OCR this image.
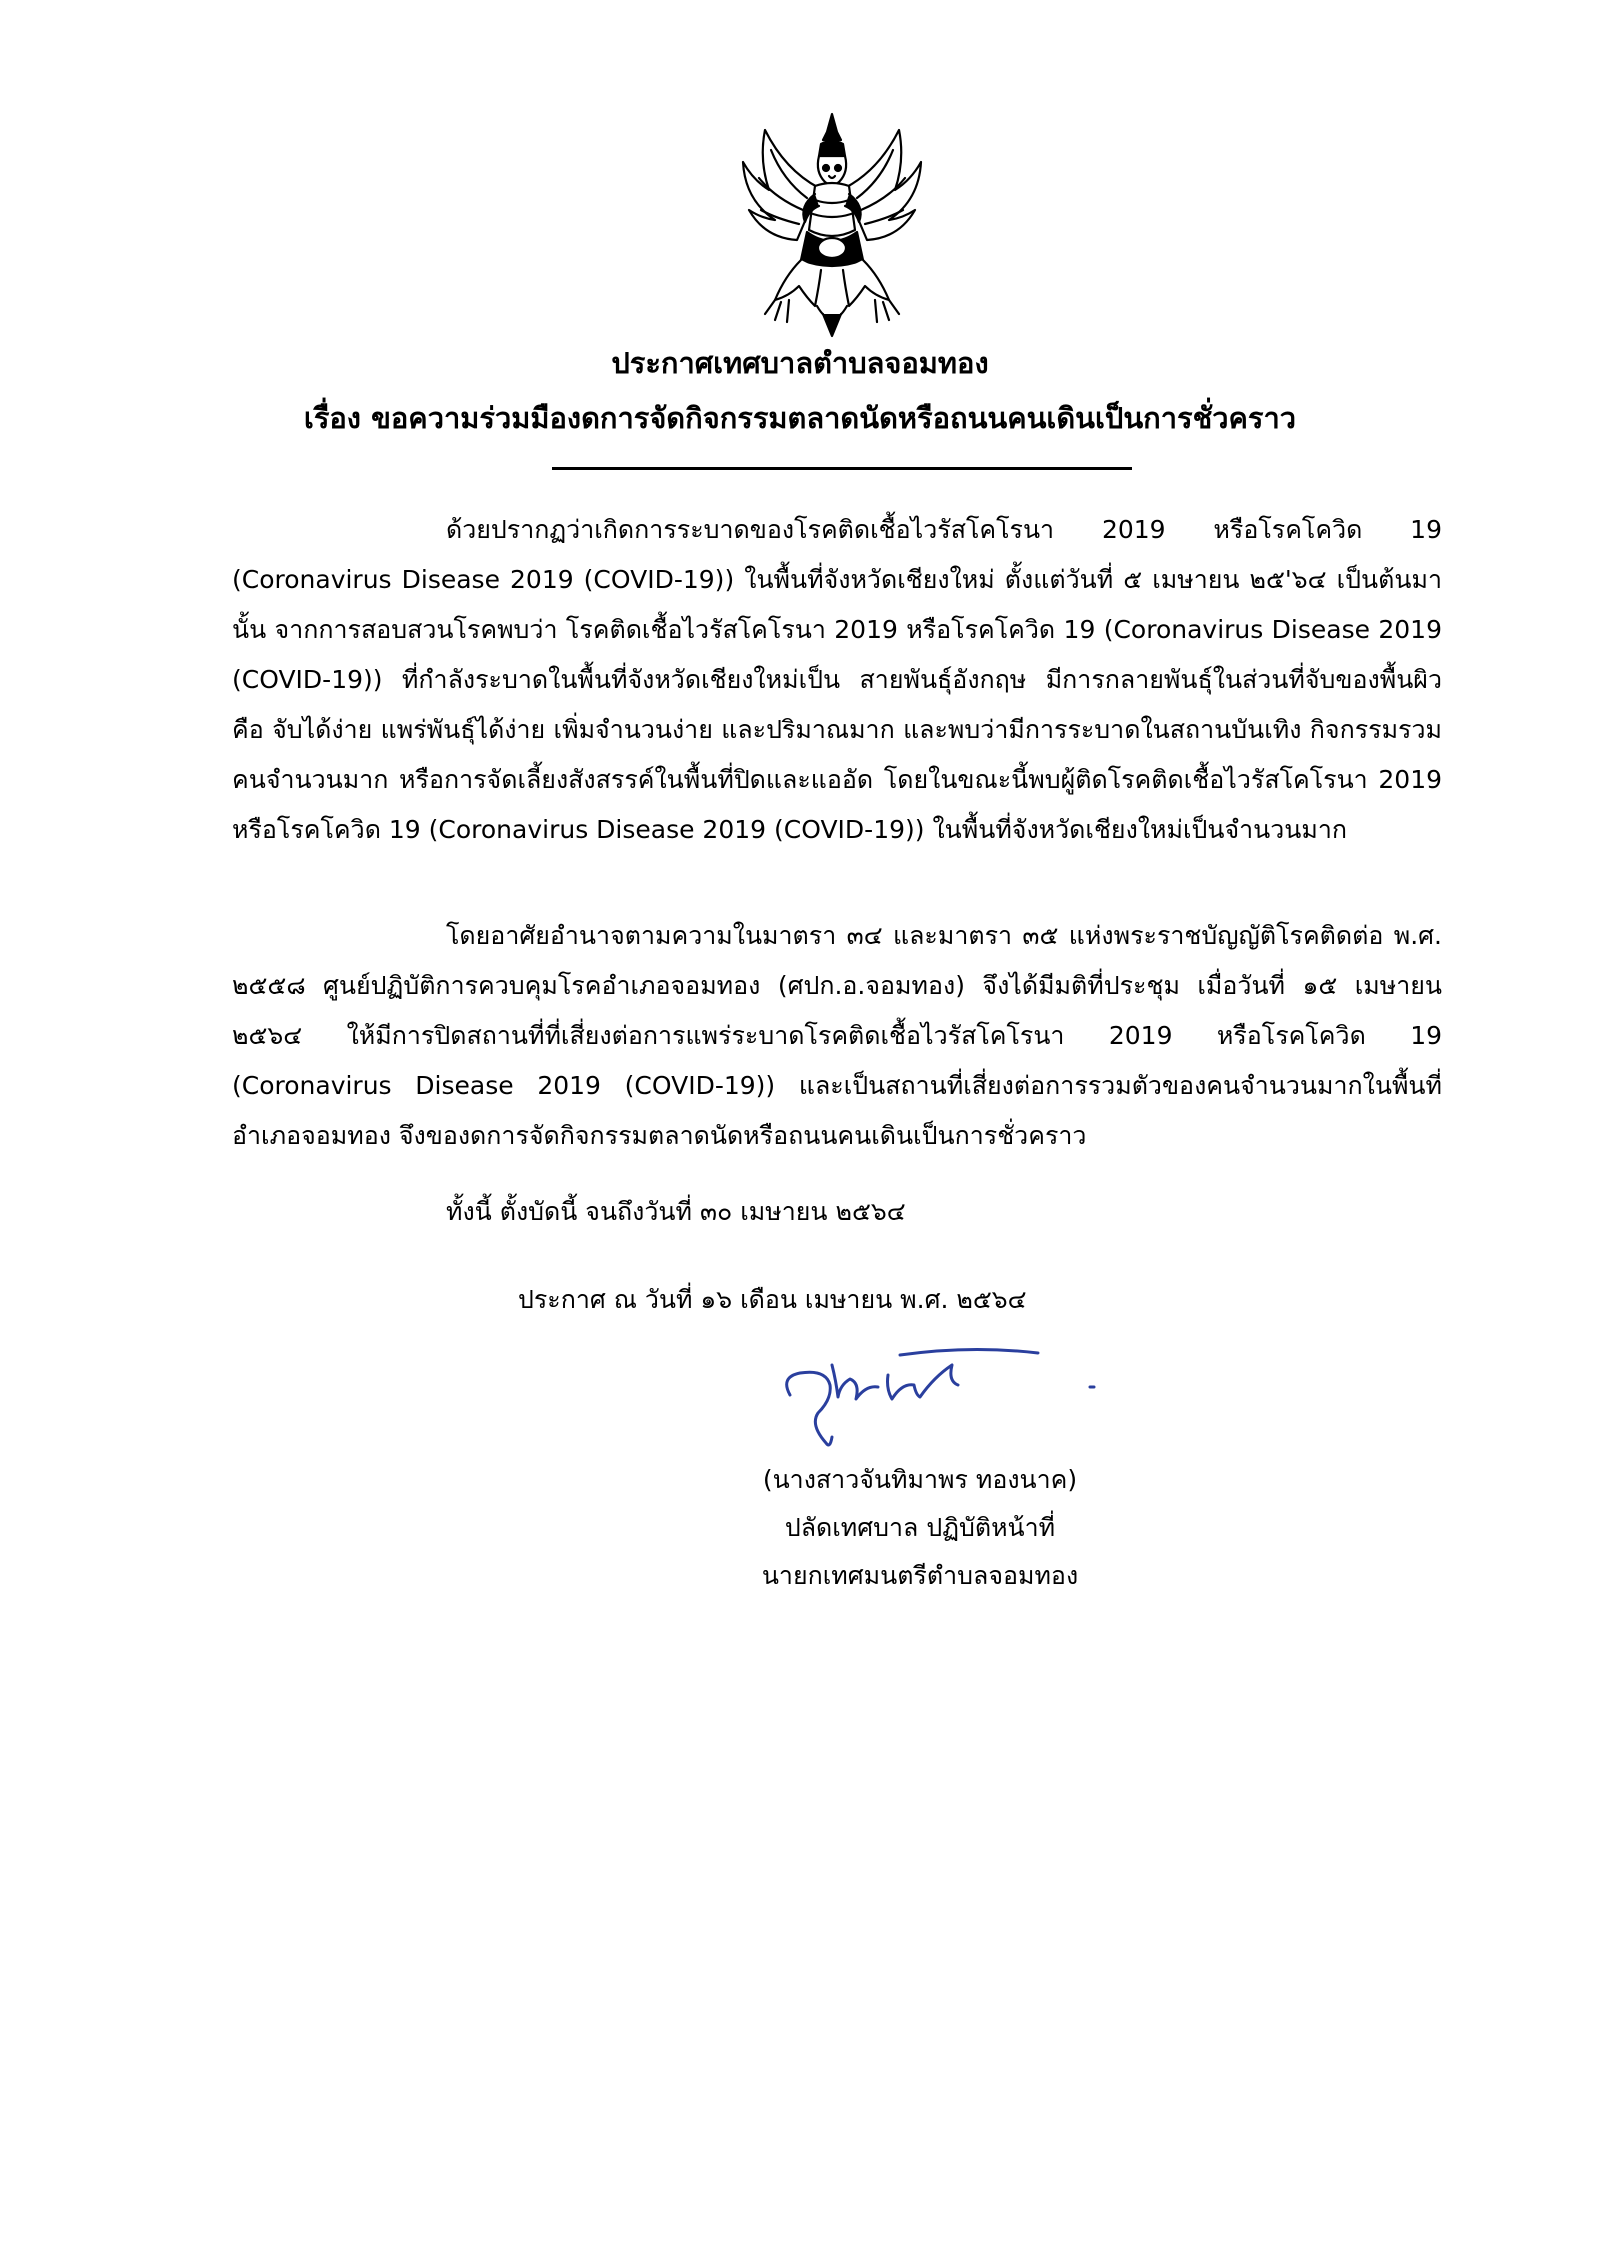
ประกาศเทศบาลตำบลจอมทอง
เรื่อง ขอความร่วมมืองดการจัดกิจกรรมตลาดนัดหรือถนนคนเดินเป็นการชั่วคราว

ด้วยปรากฏว่าเกิดการระบาดของโรคติดเชื้อไวรัสโคโรนา 2019 หรือโรคโควิด 19 (Coronavirus Disease 2019 (COVID-19)) ในพื้นที่จังหวัดเชียงใหม่ ตั้งแต่วันที่ ๕ เมษายน ๒๕'๖๔ เป็นต้นมานั้น จากการสอบสวนโรคพบว่า โรคติดเชื้อไวรัสโคโรนา 2019 หรือโรคโควิด 19 (Coronavirus Disease 2019 (COVID-19)) ที่กำลังระบาดในพื้นที่จังหวัดเชียงใหม่เป็น สายพันธุ์อังกฤษ มีการกลายพันธุ์ในส่วนที่จับของพื้นผิว คือ จับได้ง่าย แพร่พันธุ์ได้ง่าย เพิ่มจำนวนง่าย และปริมาณมาก และพบว่ามีการระบาดในสถานบันเทิง กิจกรรมรวมคนจำนวนมาก หรือการจัดเลี้ยงสังสรรค์ในพื้นที่ปิดและแออัด โดยในขณะนี้พบผู้ติดโรคติดเชื้อไวรัสโคโรนา 2019 หรือโรคโควิด 19 (Coronavirus Disease 2019 (COVID-19)) ในพื้นที่จังหวัดเชียงใหม่เป็นจำนวนมาก

โดยอาศัยอำนาจตามความในมาตรา ๓๔ และมาตรา ๓๕ แห่งพระราชบัญญัติโรคติดต่อ พ.ศ. ๒๕๕๘ ศูนย์ปฏิบัติการควบคุมโรคอำเภอจอมทอง (ศปก.อ.จอมทอง) จึงได้มีมติที่ประชุม เมื่อวันที่ ๑๕ เมษายน ๒๕๖๔ ให้มีการปิดสถานที่ที่เสี่ยงต่อการแพร่ระบาดโรคติดเชื้อไวรัสโคโรนา 2019 หรือโรคโควิด 19 (Coronavirus Disease 2019 (COVID-19)) และเป็นสถานที่เสี่ยงต่อการรวมตัวของคนจำนวนมากในพื้นที่อำเภอจอมทอง จึงของดการจัดกิจกรรมตลาดนัดหรือถนนคนเดินเป็นการชั่วคราว

ทั้งนี้ ตั้งบัดนี้ จนถึงวันที่ ๓๐ เมษายน ๒๕๖๔
ประกาศ ณ วันที่ ๑๖ เดือน เมษายน พ.ศ. ๒๕๖๔
(นางสาวจันทิมาพร ทองนาค)
ปลัดเทศบาล ปฏิบัติหน้าที่
นายกเทศมนตรีตำบลจอมทอง
